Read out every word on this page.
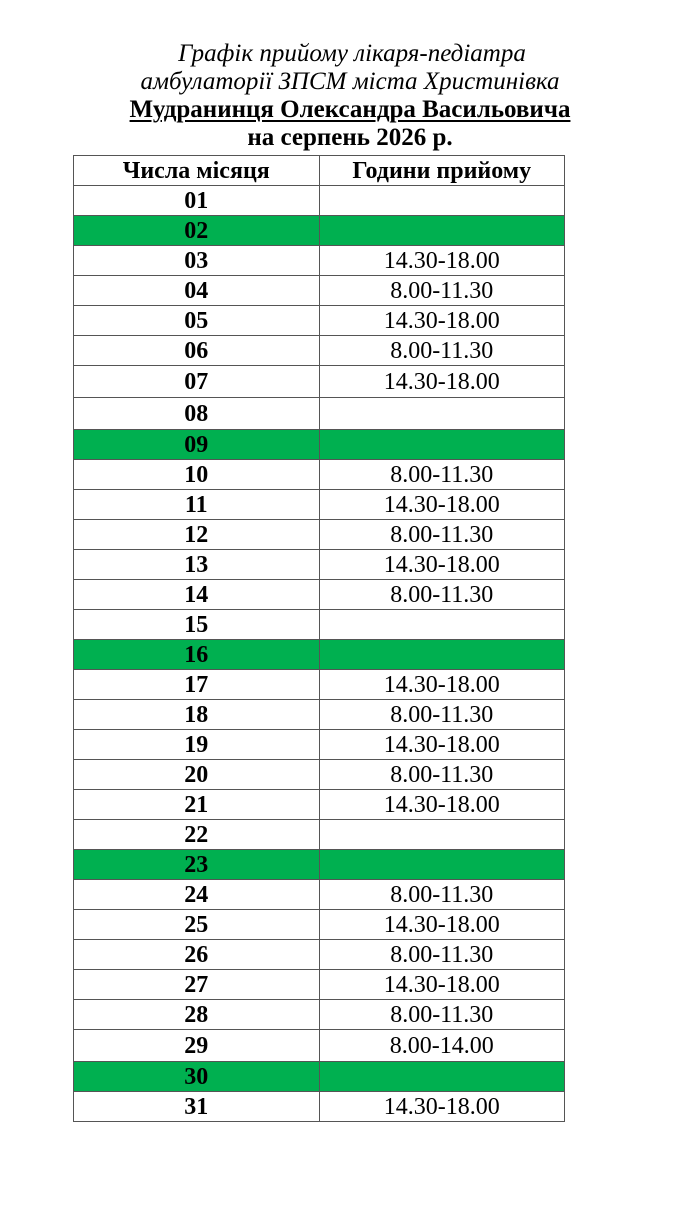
Графік прийому лікаря-педіатра
амбулаторії ЗПСМ міста Христинівка
Мудранинця Олександра Васильовича
на серпень 2026 р.
Числа місяця	Години прийому
01	
02	
03	14.30-18.00
04	8.00-11.30
05	14.30-18.00
06	8.00-11.30
07	14.30-18.00
08	
09	
10	8.00-11.30
11	14.30-18.00
12	8.00-11.30
13	14.30-18.00
14	8.00-11.30
15	
16	
17	14.30-18.00
18	8.00-11.30
19	14.30-18.00
20	8.00-11.30
21	14.30-18.00
22	
23	
24	8.00-11.30
25	14.30-18.00
26	8.00-11.30
27	14.30-18.00
28	8.00-11.30
29	8.00-14.00
30	
31	14.30-18.00
